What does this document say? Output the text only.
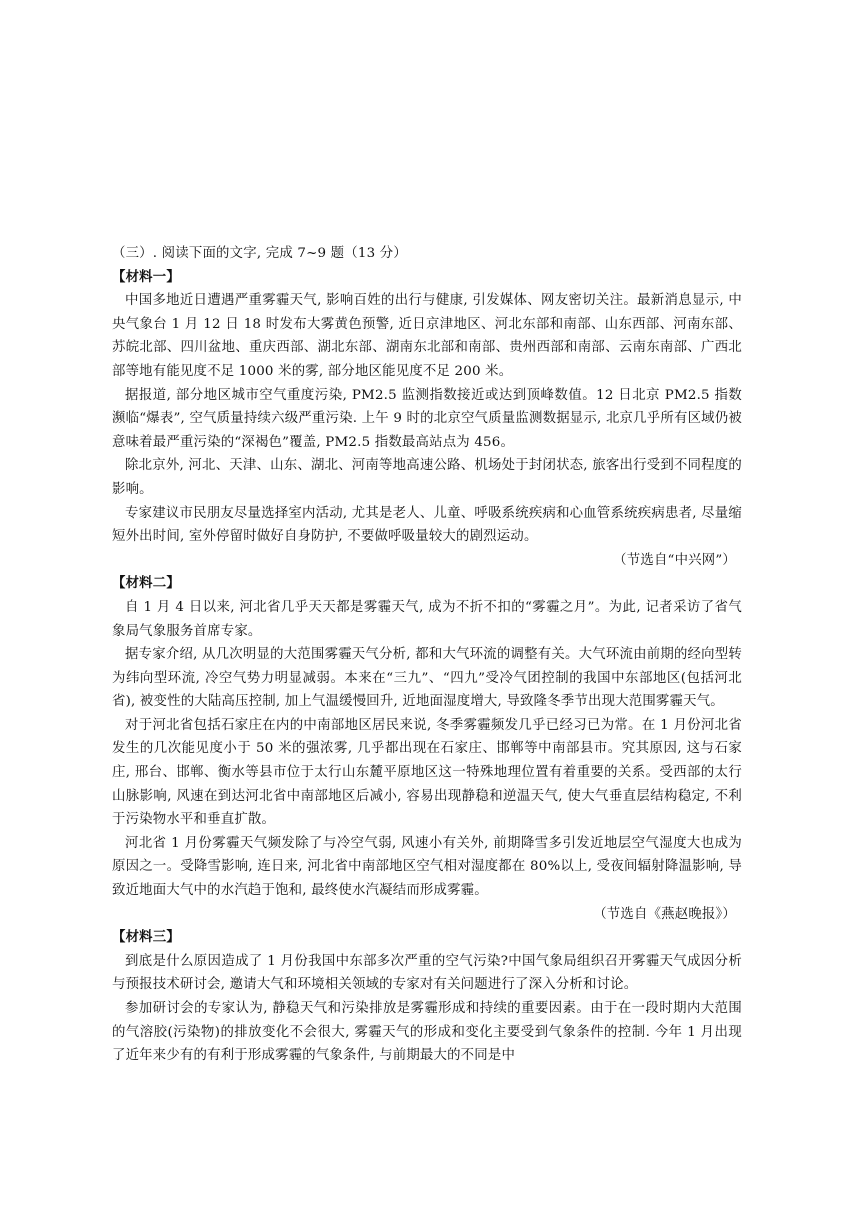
（三）. 阅读下面的文字, 完成 7~9 题（13 分）

【材料一】

中国多地近日遭遇严重雾霾天气, 影响百姓的出行与健康, 引发媒体、网友密切关注。最新消息显示, 中央气象台 1 月 12 日 18 时发布大雾黄色预警, 近日京津地区、河北东部和南部、山东西部、河南东部、苏皖北部、四川盆地、重庆西部、湖北东部、湖南东北部和南部、贵州西部和南部、云南东南部、广西北部等地有能见度不足 1000 米的雾, 部分地区能见度不足 200 米。

据报道, 部分地区城市空气重度污染, PM2.5 监测指数接近或达到顶峰数值。12 日北京 PM2.5 指数濒临“爆表”, 空气质量持续六级严重污染. 上午 9 时的北京空气质量监测数据显示, 北京几乎所有区域仍被意味着最严重污染的“深褐色”覆盖, PM2.5 指数最高站点为 456。

除北京外, 河北、天津、山东、湖北、河南等地高速公路、机场处于封闭状态, 旅客出行受到不同程度的影响。

专家建议市民朋友尽量选择室内活动, 尤其是老人、儿童、呼吸系统疾病和心血管系统疾病患者, 尽量缩短外出时间, 室外停留时做好自身防护, 不要做呼吸量较大的剧烈运动。

（节选自“中兴网”）

【材料二】

自 1 月 4 日以来, 河北省几乎天天都是雾霾天气, 成为不折不扣的“雾霾之月”。为此, 记者采访了省气象局气象服务首席专家。

据专家介绍, 从几次明显的大范围雾霾天气分析, 都和大气环流的调整有关。大气环流由前期的经向型转为纬向型环流, 冷空气势力明显减弱。本来在“三九”、“四九”受冷气团控制的我国中东部地区(包括河北省), 被变性的大陆高压控制, 加上气温缓慢回升, 近地面湿度增大, 导致隆冬季节出现大范围雾霾天气。

对于河北省包括石家庄在内的中南部地区居民来说, 冬季雾霾频发几乎已经习已为常。在 1 月份河北省发生的几次能见度小于 50 米的强浓雾, 几乎都出现在石家庄、邯郸等中南部县市。究其原因, 这与石家庄, 邢台、邯郸、衡水等县市位于太行山东麓平原地区这一特殊地理位置有着重要的关系。受西部的太行山脉影响, 风速在到达河北省中南部地区后减小, 容易出现静稳和逆温天气, 使大气垂直层结构稳定, 不利于污染物水平和垂直扩散。

河北省 1 月份雾霾天气频发除了与冷空气弱, 风速小有关外, 前期降雪多引发近地层空气湿度大也成为原因之一。受降雪影响, 连日来, 河北省中南部地区空气相对湿度都在 80%以上, 受夜间辐射降温影响, 导致近地面大气中的水汽趋于饱和, 最终使水汽凝结而形成雾霾。

（节选自《燕赵晚报》）

【材料三】

到底是什么原因造成了 1 月份我国中东部多次严重的空气污染?中国气象局组织召开雾霾天气成因分析与预报技术研讨会, 邀请大气和环境相关领域的专家对有关问题进行了深入分析和讨论。

参加研讨会的专家认为, 静稳天气和污染排放是雾霾形成和持续的重要因素。由于在一段时期内大范围的气溶胶(污染物)的排放变化不会很大, 雾霾天气的形成和变化主要受到气象条件的控制. 今年 1 月出现了近年来少有的有利于形成雾霾的气象条件, 与前期最大的不同是中
